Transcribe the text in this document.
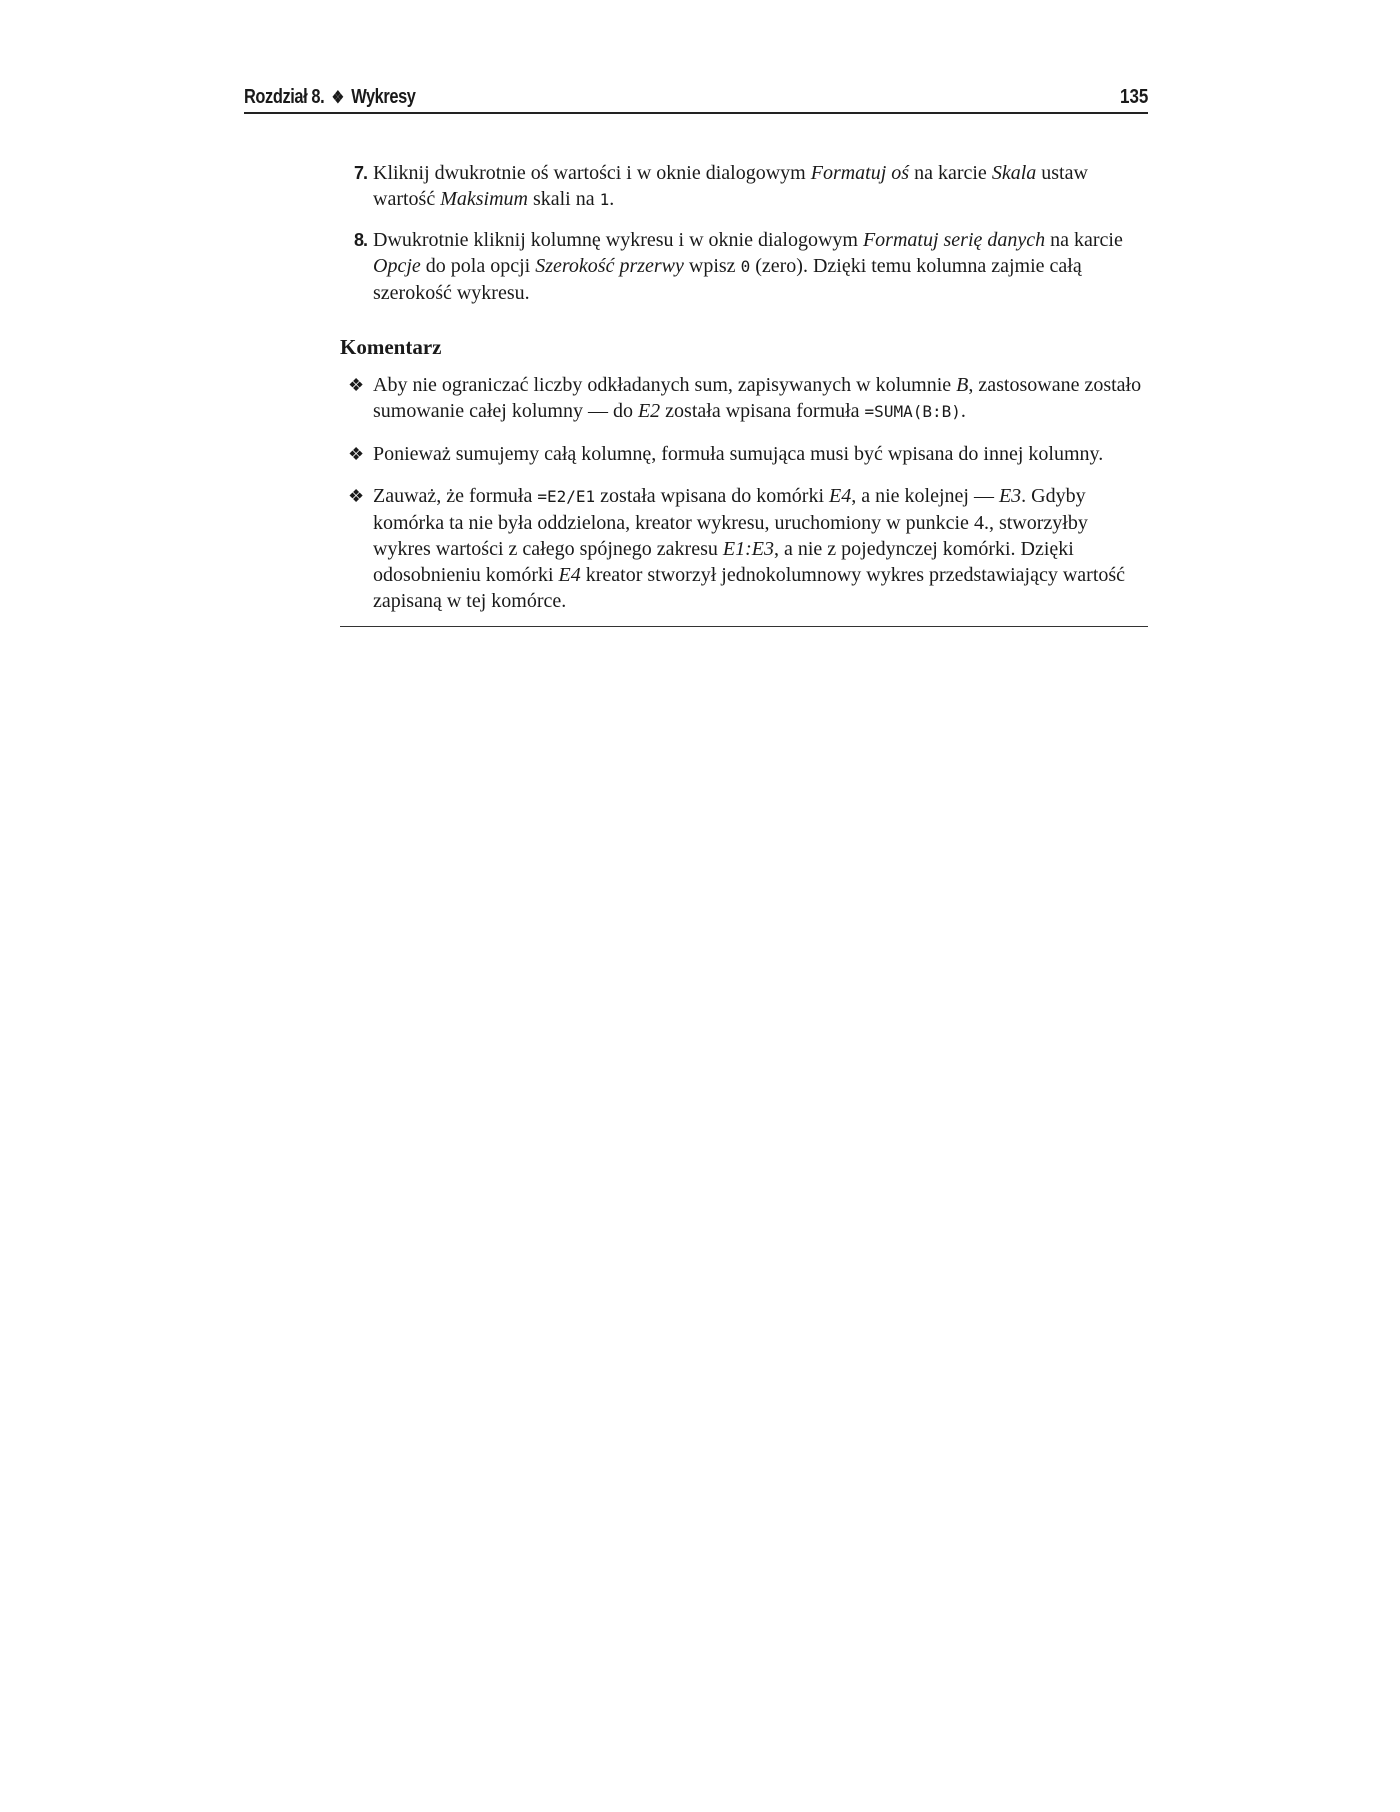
Rozdział 8. ❖ Wykresy	135
7. Kliknij dwukrotnie oś wartości i w oknie dialogowym Formatuj oś na karcie Skala ustaw wartość Maksimum skali na 1.
8. Dwukrotnie kliknij kolumnę wykresu i w oknie dialogowym Formatuj serię danych na karcie Opcje do pola opcji Szerokość przerwy wpisz 0 (zero). Dzięki temu kolumna zajmie całą szerokość wykresu.
Komentarz
❖ Aby nie ograniczać liczby odkładanych sum, zapisywanych w kolumnie B, zastosowane zostało sumowanie całej kolumny — do E2 została wpisana formuła =SUMA(B:B).
❖ Ponieważ sumujemy całą kolumnę, formuła sumująca musi być wpisana do innej kolumny.
❖ Zauważ, że formuła =E2/E1 została wpisana do komórki E4, a nie kolejnej — E3. Gdyby komórka ta nie była oddzielona, kreator wykresu, uruchomiony w punkcie 4., stworzyłby wykres wartości z całego spójnego zakresu E1:E3, a nie z pojedynczej komórki. Dzięki odosobnieniu komórki E4 kreator stworzył jednokolumnowy wykres przedstawiający wartość zapisaną w tej komórce.
